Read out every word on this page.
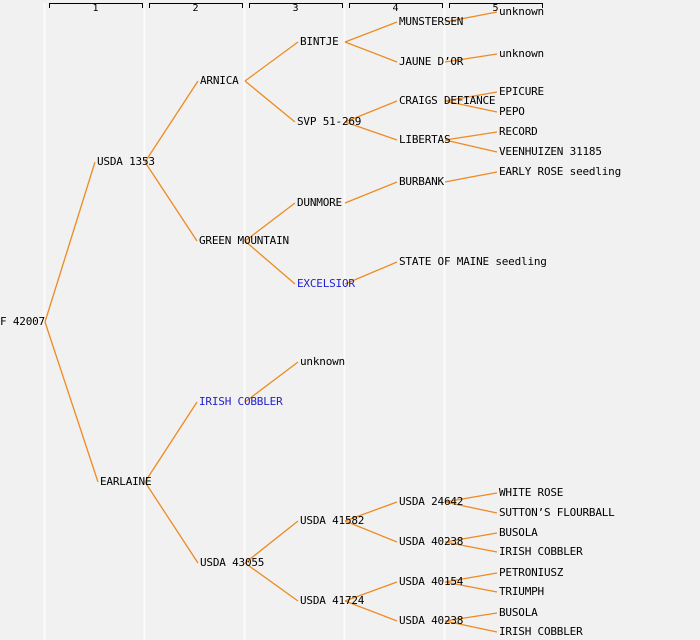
1	2	3	4	5
F 42007
USDA 1353
EARLAINE
ARNICA
GREEN MOUNTAIN
IRISH COBBLER
USDA 43055
BINTJE
SVP 51-269
DUNMORE
EXCELSIOR
unknown
USDA 41582
USDA 41724
MUNSTERSEN
JAUNE D’OR
CRAIGS DEFIANCE
LIBERTAS
BURBANK
STATE OF MAINE seedling
USDA 24642
USDA 40238
USDA 40154
USDA 40238
unknown
unknown
EPICURE
PEPO
RECORD
VEENHUIZEN 31185
EARLY ROSE seedling
WHITE ROSE
SUTTON’S FLOURBALL
BUSOLA
IRISH COBBLER
PETRONIUSZ
TRIUMPH
BUSOLA
IRISH COBBLER
